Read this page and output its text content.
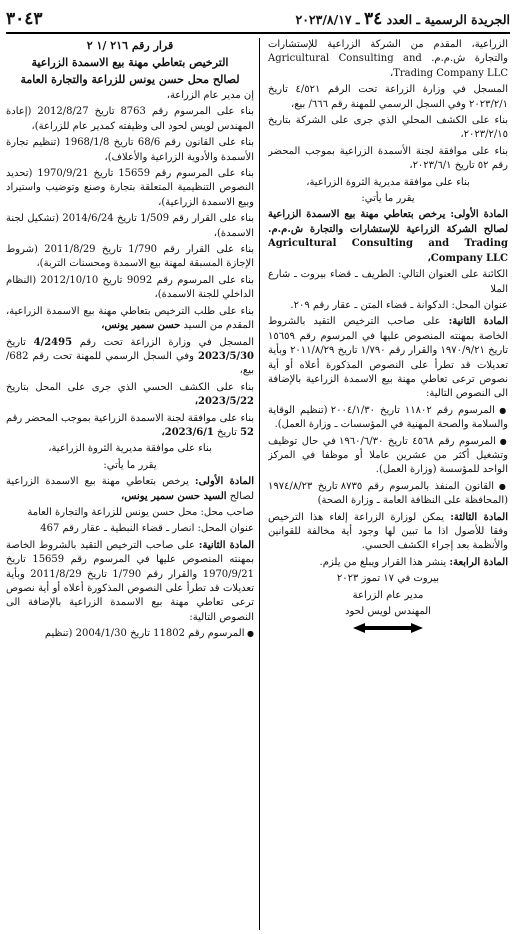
٣٠٤٣	الجريدة الرسمية ـ العدد ٣٤ ـ ٢٠٢٣/٨/١٧

الزراعية، المقدم من الشركة الزراعية للإستشارات والتجارة ش.م.م. Agricultural Consulting and Trading Company LLC،

المسجل في وزارة الزراعة تحت الرقم ٤/٥٢١ تاريخ ٢٠٢٣/٢/١ وفي السجل الرسمي للمهنة رقم ٦٦٦/ بيع،

بناء على الكشف المحلي الذي جرى على الشركة بتاريخ ٢٠٢٣/٢/١٥،

بناء على موافقة لجنة الأسمدة الزراعية بموجب المحضر رقم ٥٢ تاريخ ٢٠٢٣/٦/١،

بناء على موافقة مديرية الثروة الزراعية،

يقرر ما يأتي:

المادة الأولى: يرخص بتعاطي مهنة بيع الاسمدة الزراعية لصالح الشركة الزراعية للإستشارات والتجارة ش.م.م. Agricultural Consulting and Trading Company LLC،

الكائنة على العنوان التالي: الطريف ـ قضاء بيروت ـ شارع الملا

عنوان المحل: الدكوانة ـ قضاء المتن ـ عقار رقم ٢٠٩.

المادة الثانية: على صاحب الترخيص التقيد بالشروط الخاصة بمهنته المنصوص عليها في المرسوم رقم ١٥٦٥٩ تاريخ ١٩٧٠/٩/٢١ والقرار رقم ١/٧٩٠ تاريخ ٢٠١١/٨/٢٩ وبأية تعديلات قد تطرأ على النصوص المذكورة أعلاه أو أية نصوص ترعى تعاطي مهنة بيع الاسمدة الزراعية بالإضافة الى النصوص التالية:

● المرسوم رقم ١١٨٠٢ تاريخ ٢٠٠٤/١/٣٠ (تنظيم الوقاية والسلامة والصحة المهنية في المؤسسات ـ وزارة العمل).

● المرسوم رقم ٤٥٦٨ تاريخ ١٩٦٠/٦/٣٠ في حال توظيف وتشغيل أكثر من عشرين عاملا أو موظفا في المركز الواحد للمؤسسة (وزارة العمل).

● القانون المنفذ بالمرسوم رقم ٨٧٣٥ تاريخ ١٩٧٤/٨/٢٣ (المحافظة على النظافة العامة ـ وزارة الصحة)

المادة الثالثة: يمكن لوزارة الزراعة إلغاء هذا الترخيص وفقا للأصول اذا ما تبين لها وجود أية مخالفة للقوانين والأنظمة بعد إجراء الكشف الحسي.

المادة الرابعة: ينشر هذا القرار ويبلغ من يلزم.

بيروت في ١٧ تموز ٢٠٢٣

مدير عام الزراعة

المهندس لويس لحود

قرار رقم ٢١٦ /١ ٢

الترخيص بتعاطي مهنة بيع الاسمدة الزراعية

لصالح محل حسن يونس للزراعة والتجارة العامة

إن مدير عام الزراعة،

بناء على المرسوم رقم 8763 تاريخ 2012/8/27 (إعادة المهندس لويس لحود الى وظيفته كمدير عام للزراعة)،

بناء على القانون رقم 68/6 تاريخ 1968/1/8 (تنظيم تجارة الأسمدة والأدوية الزراعية والأعلاف)،

بناء على المرسوم رقم 15659 تاريخ 1970/9/21 (تحديد النصوص التنظيمية المتعلقة بتجارة وصنع وتوضيب واستيراد وبيع الاسمدة الزراعية)،

بناء على القرار رقم 1/509 تاريخ 2014/6/24 (تشكيل لجنة الاسمدة)،

بناء على القرار رقم 1/790 تاريخ 2011/8/29 (شروط الإجازة المسبقة لمهنة بيع الاسمدة ومحسنات التربة)،

بناء على المرسوم رقم 9092 تاريخ 2012/10/10 (النظام الداخلي للجنة الاسمدة)،

بناء على طلب الترخيص بتعاطي مهنة بيع الاسمدة الزراعية، المقدم من السيد حسن سمير يونس،

المسجل في وزارة الزراعة تحت رقم 4/2495 تاريخ 2023/5/30 وفي السجل الرسمي للمهنة تحت رقم 682/بيع،

بناء على الكشف الحسي الذي جرى على المحل بتاريخ 2023/5/22،

بناء على موافقة لجنة الاسمدة الزراعية بموجب المحضر رقم 52 تاريخ 2023/6/1،

بناء على موافقة مديرية الثروة الزراعية،

يقرر ما يأتي:

المادة الأولى: يرخص بتعاطي مهنة بيع الاسمدة الزراعية لصالح السيد حسن سمير يونس،

صاحب محل: محل حسن يونس للزراعة والتجارة العامة

عنوان المحل: انصار ـ قضاء النبطية ـ عقار رقم 467

المادة الثانية: على صاحب الترخيص التقيد بالشروط الخاصة بمهنته المنصوص عليها في المرسوم رقم 15659 تاريخ 1970/9/21 والقرار رقم 1/790 تاريخ 2011/8/29 وبأية تعديلات قد تطرأ على النصوص المذكورة أعلاه أو أية نصوص ترعى تعاطي مهنة بيع الاسمدة الزراعية بالإضافة الى النصوص التالية:

● المرسوم رقم 11802 تاريخ 2004/1/30 (تنظيم
